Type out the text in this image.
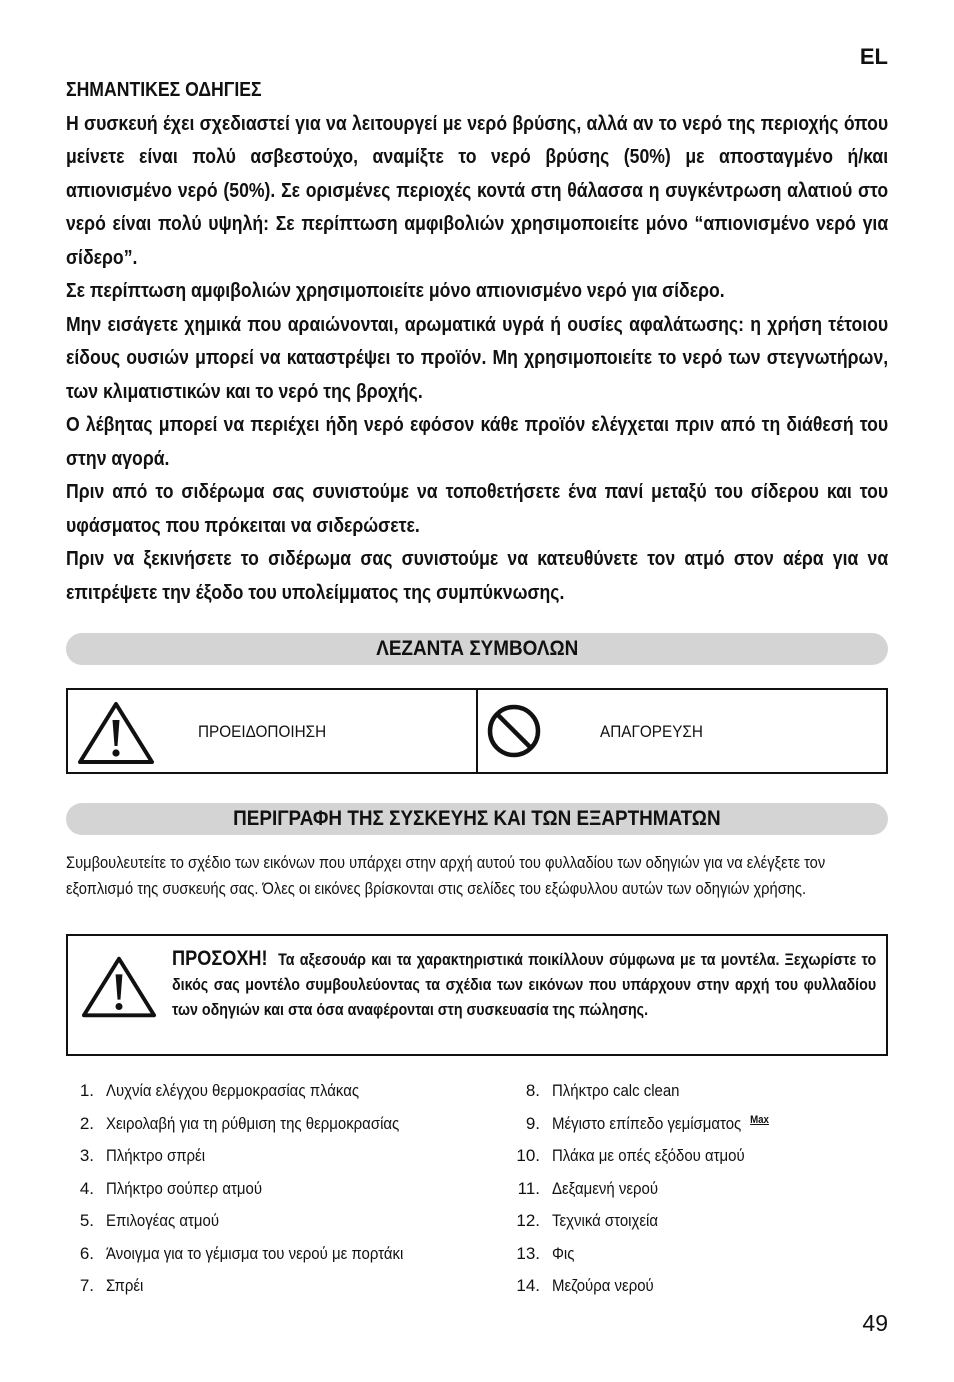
EL

ΣΗΜΑΝΤΙΚΕΣ ΟΔΗΓΙΕΣ

Η συσκευή έχει σχεδιαστεί για να λειτουργεί με νερό βρύσης, αλλά αν το νερό της περιοχής όπου μείνετε είναι πολύ ασβεστούχο, αναμίξτε το νερό βρύσης (50%) με αποσταγμένο ή/και απιονισμένο νερό (50%). Σε ορισμένες περιοχές κοντά στη θάλασσα η συγκέντρωση αλατιού στο νερό είναι πολύ υψηλή: Σε περίπτωση αμφιβολιών χρησιμοποιείτε μόνο “απιονισμένο νερό για σίδερο”.

Σε περίπτωση αμφιβολιών χρησιμοποιείτε μόνο απιονισμένο νερό για σίδερο.

Μην εισάγετε χημικά που αραιώνονται, αρωματικά υγρά ή ουσίες αφαλάτωσης: η χρήση τέτοιου είδους ουσιών μπορεί να καταστρέψει το προϊόν. Μη χρησιμοποιείτε το νερό των στεγνωτήρων, των κλιματιστικών και το νερό της βροχής.

Ο λέβητας μπορεί να περιέχει ήδη νερό εφόσον κάθε προϊόν ελέγχεται πριν από τη διάθεσή του στην αγορά.

Πριν από το σιδέρωμα σας συνιστούμε να τοποθετήσετε ένα πανί μεταξύ του σίδερου και του υφάσματος που πρόκειται να σιδερώσετε.

Πριν να ξεκινήσετε το σιδέρωμα σας συνιστούμε να κατευθύνετε τον ατμό στον αέρα για να επιτρέψετε την έξοδο του υπολείμματος της συμπύκνωσης.

ΛΕΖΑΝΤΑ ΣΥΜΒΟΛΩΝ
ΠΡΟΕΙΔΟΠΟΙΗΣΗ	ΑΠΑΓΟΡΕΥΣΗ
ΠΕΡΙΓΡΑΦΗ ΤΗΣ ΣΥΣΚΕΥΗΣ ΚΑΙ ΤΩΝ ΕΞΑΡΤΗΜΑΤΩΝ
Συμβουλευτείτε το σχέδιο των εικόνων που υπάρχει στην αρχή αυτού του φυλλαδίου των οδηγιών για να ελέγξετε τον εξοπλισμό της συσκευής σας. Όλες οι εικόνες βρίσκονται στις σελίδες του εξώφυλλου αυτών των οδηγιών χρήσης.
ΠΡΟΣΟΧΗ! Τα αξεσουάρ και τα χαρακτηριστικά ποικίλλουν σύμφωνα με τα μοντέλα. Ξεχωρίστε το δικός σας μοντέλο συμβουλεύοντας τα σχέδια των εικόνων που υπάρχουν στην αρχή του φυλλαδίου των οδηγιών και στα όσα αναφέρονται στη συσκευασία της πώλησης.
1. Λυχνία ελέγχου θερμοκρασίας πλάκας
2. Χειρολαβή για τη ρύθμιση της θερμοκρασίας
3. Πλήκτρο σπρέι
4. Πλήκτρο σούπερ ατμού
5. Επιλογέας ατμού
6. Άνοιγμα για το γέμισμα του νερού με πορτάκι
7. Σπρέι
8. Πλήκτρο calc clean
9. Μέγιστο επίπεδο γεμίσματος $^{Max}$
10. Πλάκα με οπές εξόδου ατμού
11. Δεξαμενή νερού
12. Τεχνικά στοιχεία
13. Φις
14. Μεζούρα νερού
49
